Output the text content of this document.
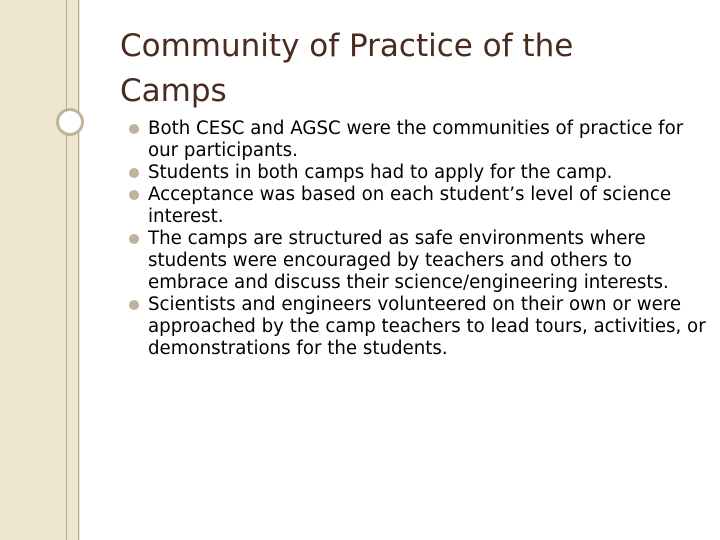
Community of Practice of the Camps
Both CESC and AGSC were the communities of practice for our participants.
Students in both camps had to apply for the camp.
Acceptance was based on each student’s level of science interest.
The camps are structured as safe environments where students were encouraged by teachers and others to embrace and discuss their science/engineering interests.
Scientists and engineers volunteered on their own or were approached by the camp teachers to lead tours, activities, or demonstrations for the students.
